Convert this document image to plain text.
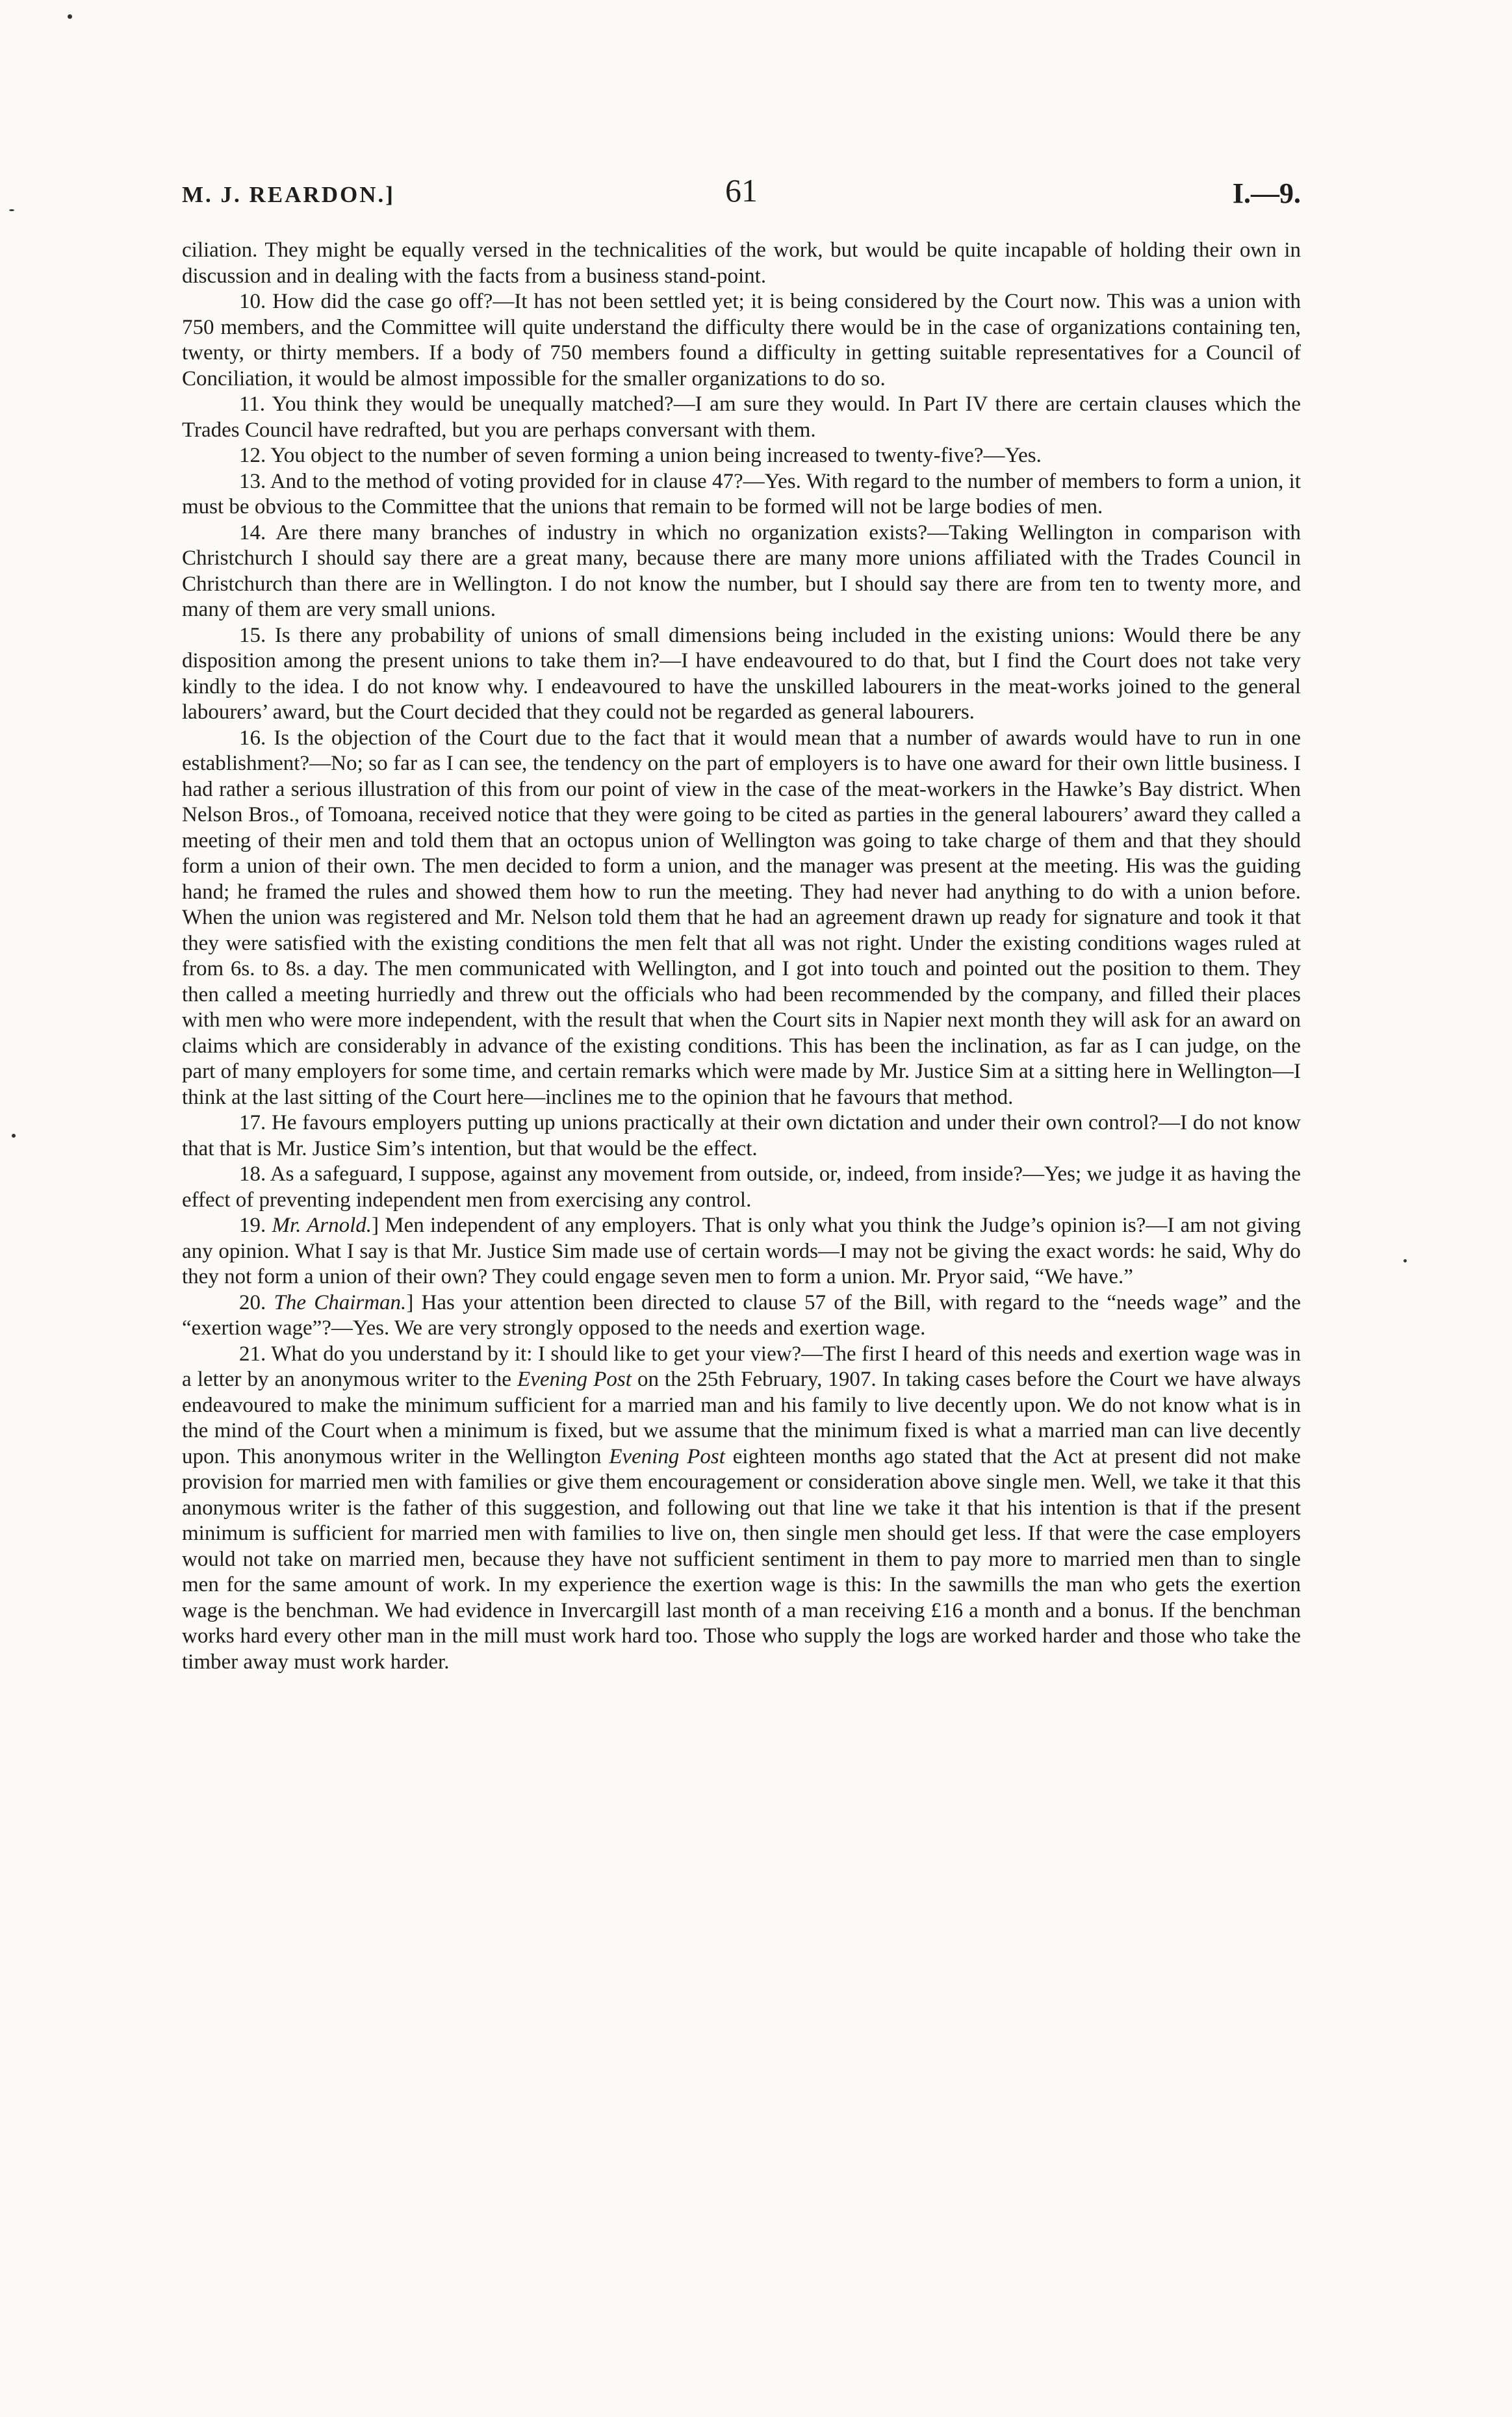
M. J. REARDON.]	61	I.—9.

ciliation. They might be equally versed in the technicalities of the work, but would be quite incapable of holding their own in discussion and in dealing with the facts from a business stand-point.

10. How did the case go off?—It has not been settled yet; it is being considered by the Court now. This was a union with 750 members, and the Committee will quite understand the difficulty there would be in the case of organizations containing ten, twenty, or thirty members. If a body of 750 members found a difficulty in getting suitable representatives for a Council of Conciliation, it would be almost impossible for the smaller organizations to do so.

11. You think they would be unequally matched?—I am sure they would. In Part IV there are certain clauses which the Trades Council have redrafted, but you are perhaps conversant with them.

12. You object to the number of seven forming a union being increased to twenty-five?—Yes.

13. And to the method of voting provided for in clause 47?—Yes. With regard to the number of members to form a union, it must be obvious to the Committee that the unions that remain to be formed will not be large bodies of men.

14. Are there many branches of industry in which no organization exists?—Taking Wellington in comparison with Christchurch I should say there are a great many, because there are many more unions affiliated with the Trades Council in Christchurch than there are in Wellington. I do not know the number, but I should say there are from ten to twenty more, and many of them are very small unions.

15. Is there any probability of unions of small dimensions being included in the existing unions: Would there be any disposition among the present unions to take them in?—I have endeavoured to do that, but I find the Court does not take very kindly to the idea. I do not know why. I endeavoured to have the unskilled labourers in the meat-works joined to the general labourers’ award, but the Court decided that they could not be regarded as general labourers.

16. Is the objection of the Court due to the fact that it would mean that a number of awards would have to run in one establishment?—No; so far as I can see, the tendency on the part of employers is to have one award for their own little business. I had rather a serious illustration of this from our point of view in the case of the meat-workers in the Hawke’s Bay district. When Nelson Bros., of Tomoana, received notice that they were going to be cited as parties in the general labourers’ award they called a meeting of their men and told them that an octopus union of Wellington was going to take charge of them and that they should form a union of their own. The men decided to form a union, and the manager was present at the meeting. His was the guiding hand; he framed the rules and showed them how to run the meeting. They had never had anything to do with a union before. When the union was registered and Mr. Nelson told them that he had an agreement drawn up ready for signature and took it that they were satisfied with the existing conditions the men felt that all was not right. Under the existing conditions wages ruled at from 6s. to 8s. a day. The men communicated with Wellington, and I got into touch and pointed out the position to them. They then called a meeting hurriedly and threw out the officials who had been recommended by the company, and filled their places with men who were more independent, with the result that when the Court sits in Napier next month they will ask for an award on claims which are considerably in advance of the existing conditions. This has been the inclination, as far as I can judge, on the part of many employers for some time, and certain remarks which were made by Mr. Justice Sim at a sitting here in Wellington—I think at the last sitting of the Court here—inclines me to the opinion that he favours that method.

17. He favours employers putting up unions practically at their own dictation and under their own control?—I do not know that that is Mr. Justice Sim’s intention, but that would be the effect.

18. As a safeguard, I suppose, against any movement from outside, or, indeed, from inside?—Yes; we judge it as having the effect of preventing independent men from exercising any control.

19. Mr. Arnold.] Men independent of any employers. That is only what you think the Judge’s opinion is?—I am not giving any opinion. What I say is that Mr. Justice Sim made use of certain words—I may not be giving the exact words: he said, Why do they not form a union of their own? They could engage seven men to form a union. Mr. Pryor said, “We have.”

20. The Chairman.] Has your attention been directed to clause 57 of the Bill, with regard to the “needs wage” and the “exertion wage”?—Yes. We are very strongly opposed to the needs and exertion wage.

21. What do you understand by it: I should like to get your view?—The first I heard of this needs and exertion wage was in a letter by an anonymous writer to the Evening Post on the 25th February, 1907. In taking cases before the Court we have always endeavoured to make the minimum sufficient for a married man and his family to live decently upon. We do not know what is in the mind of the Court when a minimum is fixed, but we assume that the minimum fixed is what a married man can live decently upon. This anonymous writer in the Wellington Evening Post eighteen months ago stated that the Act at present did not make provision for married men with families or give them encouragement or consideration above single men. Well, we take it that this anonymous writer is the father of this suggestion, and following out that line we take it that his intention is that if the present minimum is sufficient for married men with families to live on, then single men should get less. If that were the case employers would not take on married men, because they have not sufficient sentiment in them to pay more to married men than to single men for the same amount of work. In my experience the exertion wage is this: In the sawmills the man who gets the exertion wage is the benchman. We had evidence in Invercargill last month of a man receiving £16 a month and a bonus. If the benchman works hard every other man in the mill must work hard too. Those who supply the logs are worked harder and those who take the timber away must work harder.
